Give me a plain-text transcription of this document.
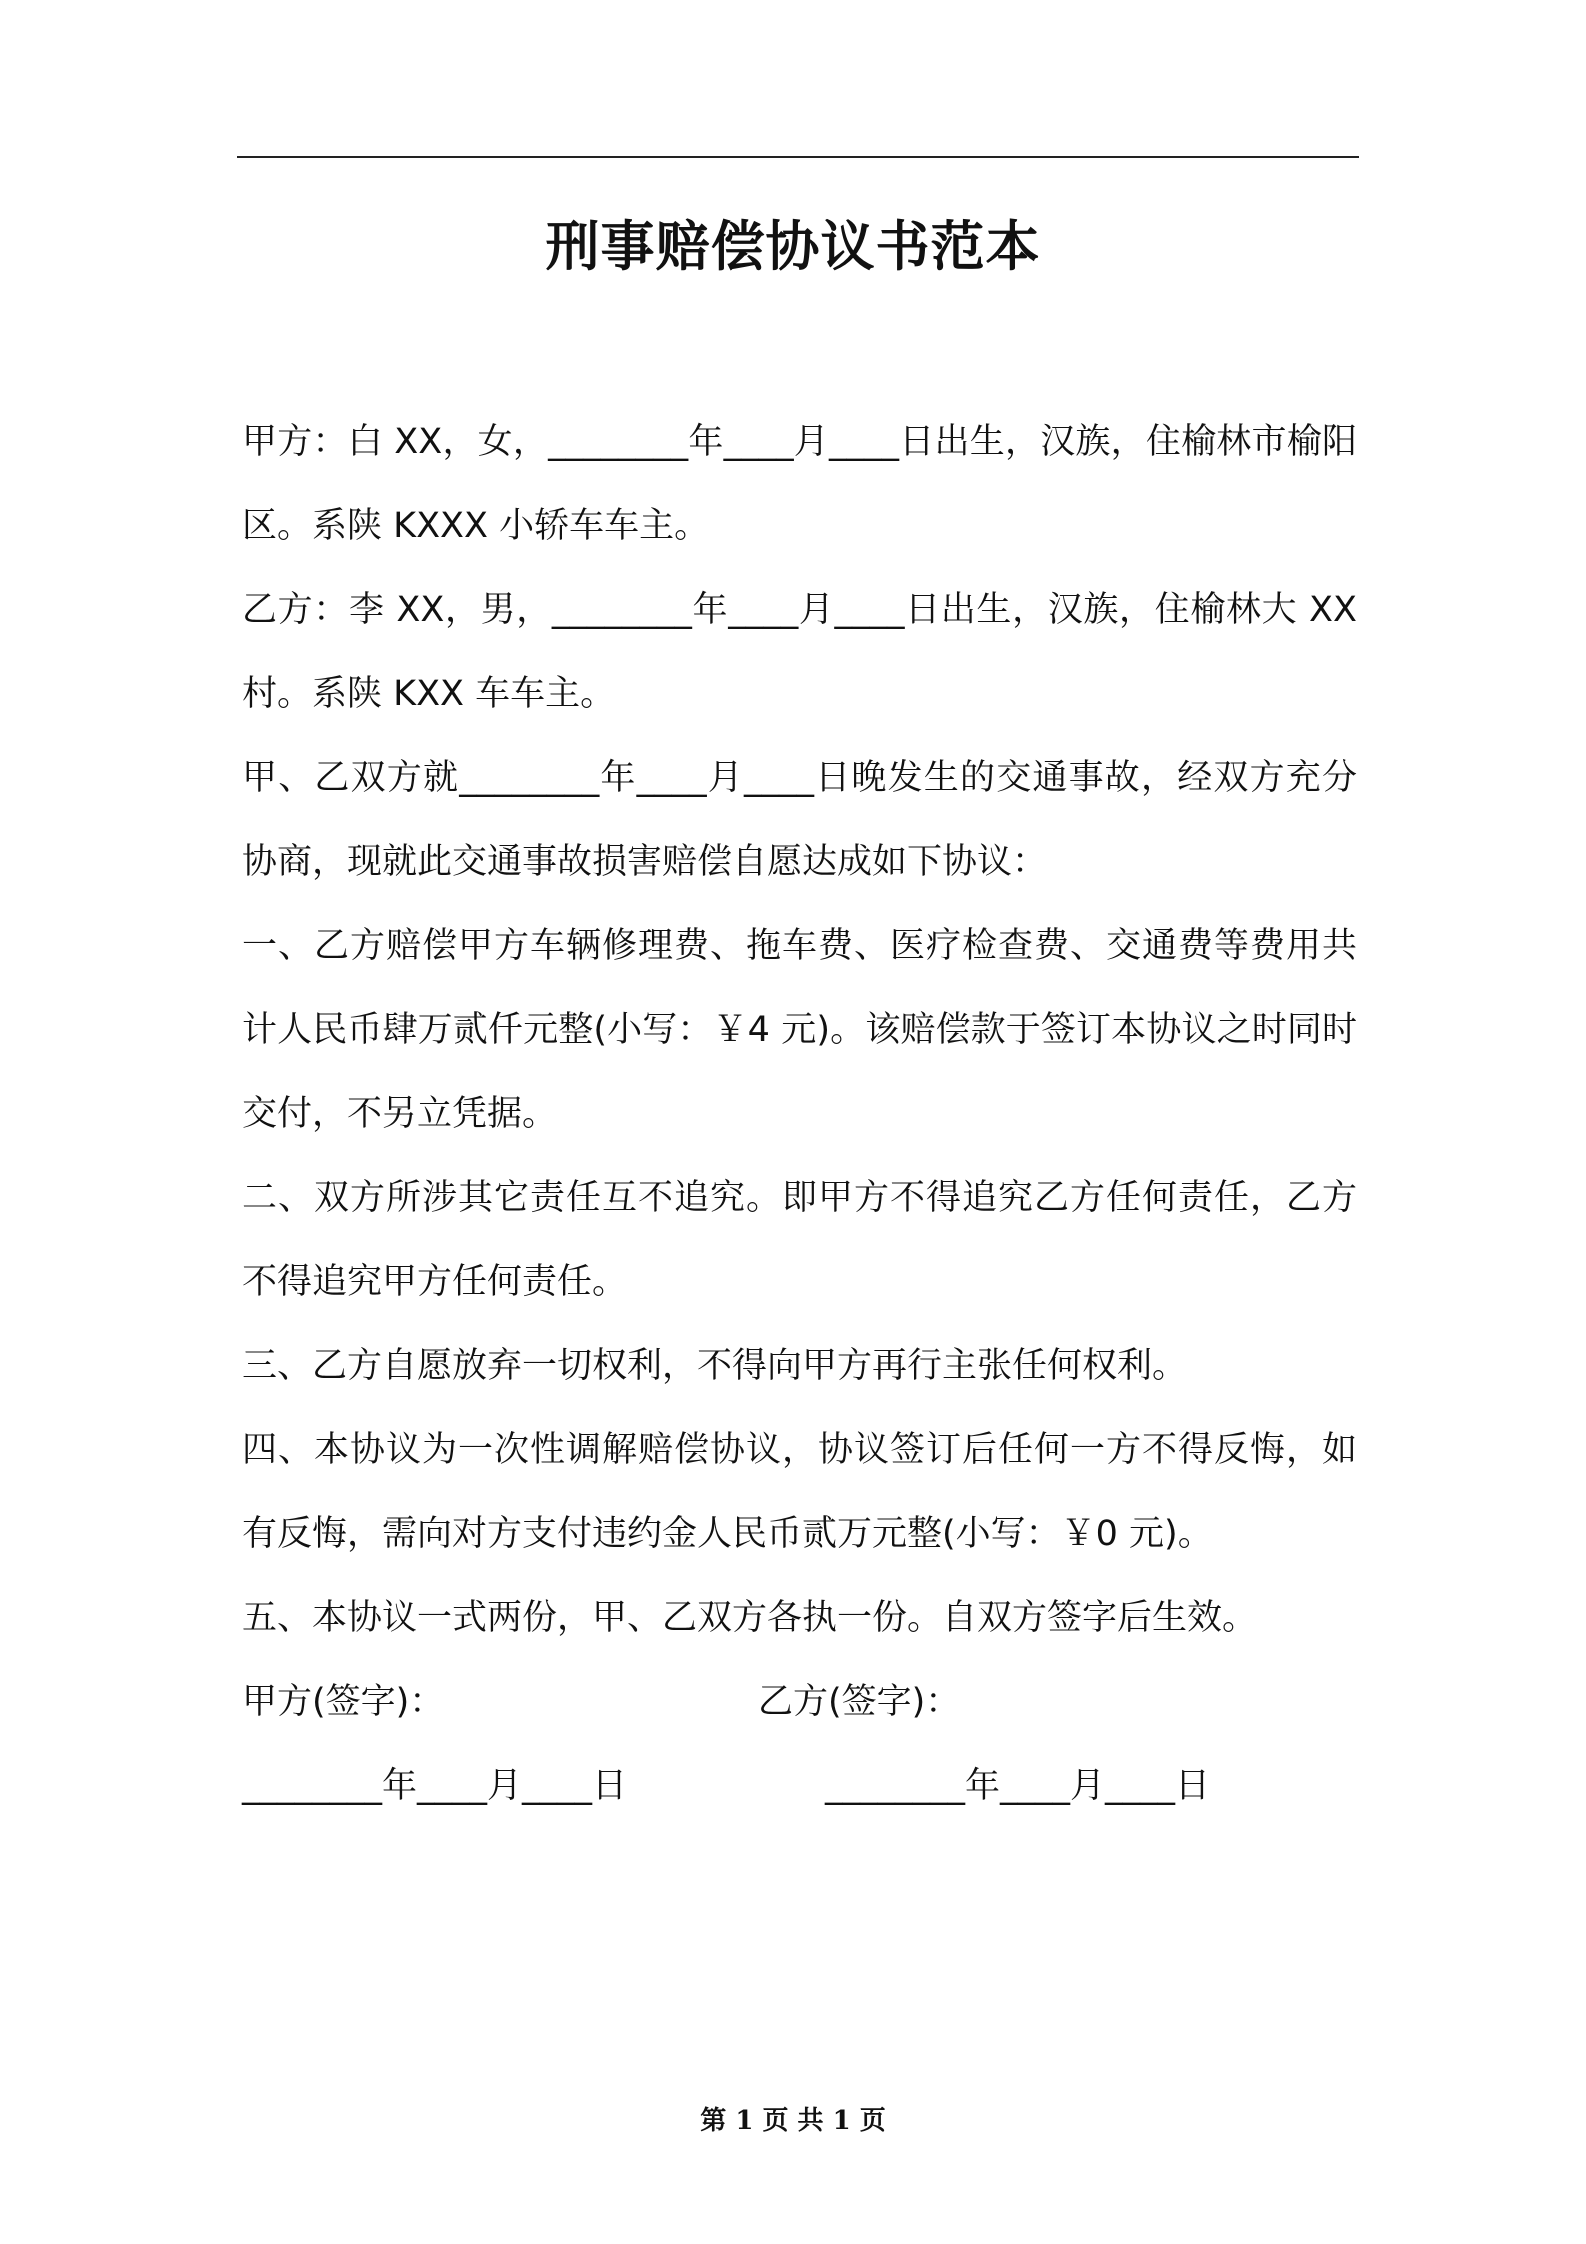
刑事赔偿协议书范本

甲方：白 XX，女，________年____月____日出生，汉族，住榆林市榆阳区。系陕 KXXX 小轿车车主。

乙方：李 XX，男，________年____月____日出生，汉族，住榆林大 XX 村。系陕 KXX 车车主。

甲、乙双方就________年____月____日晚发生的交通事故，经双方充分协商，现就此交通事故损害赔偿自愿达成如下协议：

一、乙方赔偿甲方车辆修理费、拖车费、医疗检查费、交通费等费用共计人民币肆万贰仟元整(小写：￥4 元)。该赔偿款于签订本协议之时同时交付，不另立凭据。

二、双方所涉其它责任互不追究。即甲方不得追究乙方任何责任，乙方不得追究甲方任何责任。

三、乙方自愿放弃一切权利，不得向甲方再行主张任何权利。

四、本协议为一次性调解赔偿协议，协议签订后任何一方不得反悔，如有反悔，需向对方支付违约金人民币贰万元整(小写：￥0 元)。

五、本协议一式两份，甲、乙双方各执一份。自双方签字后生效。

甲方(签字)：	乙方(签字)：
________年____月____日	________年____月____日
第 1 页 共 1 页
